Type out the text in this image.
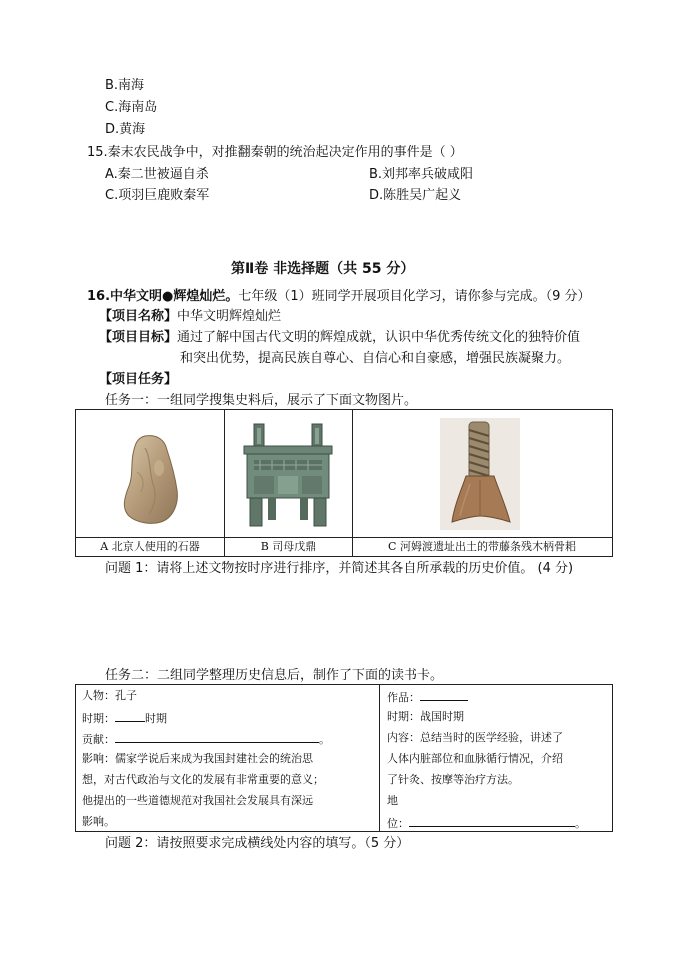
B.南海
C.海南岛
D.黄海
15.秦末农民战争中，对推翻秦朝的统治起决定作用的事件是（ ）
A.秦二世被逼自杀	B.刘邦率兵破咸阳
C.项羽巨鹿败秦军	D.陈胜吴广起义
第Ⅱ卷 非选择题（共 55 分）
16.中华文明●辉煌灿烂。七年级（1）班同学开展项目化学习，请你参与完成。（9 分）
【项目名称】中华文明辉煌灿烂
【项目目标】通过了解中国古代文明的辉煌成就，认识中华优秀传统文化的独特价值
和突出优势，提高民族自尊心、自信心和自豪感，增强民族凝聚力。
【项目任务】
任务一：一组同学搜集史料后，展示了下面文物图片。
A 北京人使用的石器	B 司母戊鼎	C 河姆渡遗址出土的带藤条残木柄骨耜
问题 1：请将上述文物按时序进行排序，并简述其各自所承载的历史价值。 (4 分)
任务二：二组同学整理历史信息后，制作了下面的读书卡。
人物：孔子
时期：	时期
贡献：	。
影响：儒家学说后来成为我国封建社会的统治思
想，对古代政治与文化的发展有非常重要的意义；
他提出的一些道德规范对我国社会发展具有深远
影响。
作品：
时期：战国时期
内容：总结当时的医学经验，讲述了
人体内脏部位和血脉循行情况，介绍
了针灸、按摩等治疗方法。
地
位：	。
问题 2：请按照要求完成横线处内容的填写。（5 分）
